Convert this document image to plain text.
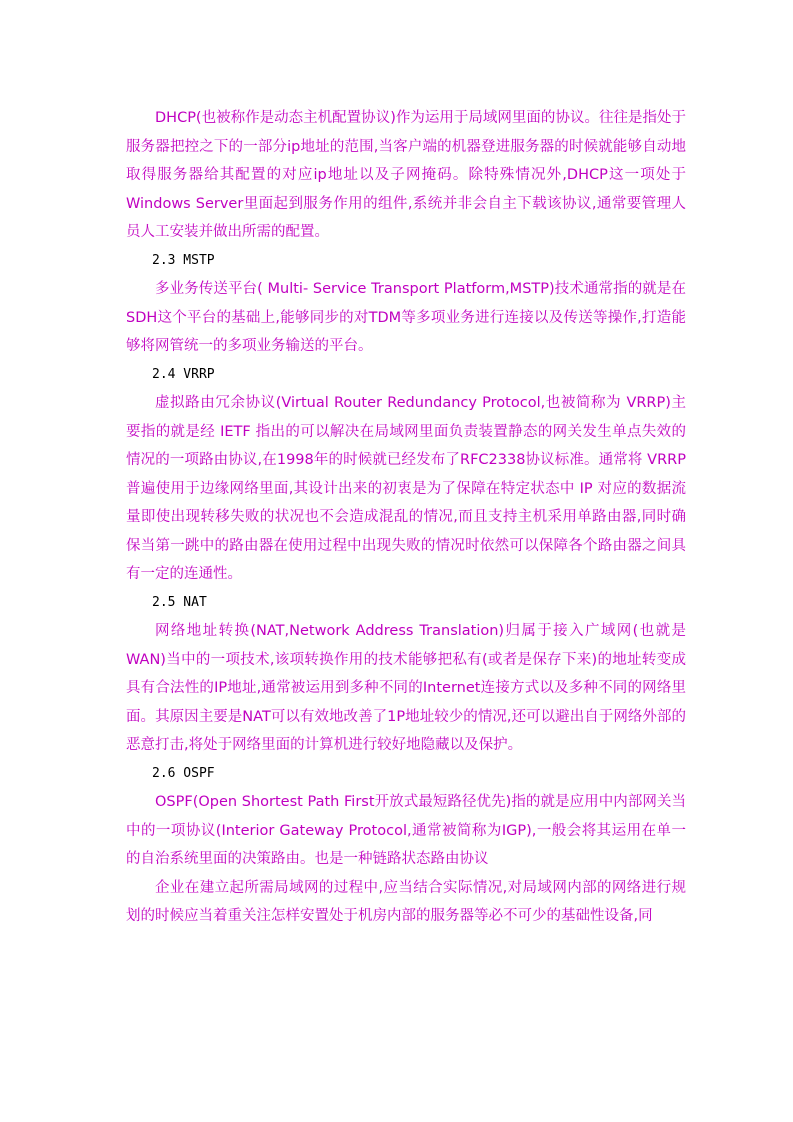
DHCP(也被称作是动态主机配置协议)作为运用于局域网里面的协议。往往是指处于服务器把控之下的一部分ip地址的范围,当客户端的机器登进服务器的时候就能够自动地取得服务器给其配置的对应ip地址以及子网掩码。除特殊情况外,DHCP这一项处于Windows Server里面起到服务作用的组件,系统并非会自主下载该协议,通常要管理人员人工安装并做出所需的配置。

2.3 MSTP

多业务传送平台( Multi- Service Transport Platform,MSTP)技术通常指的就是在SDH这个平台的基础上,能够同步的对TDM等多项业务进行连接以及传送等操作,打造能够将网管统一的多项业务输送的平台。

2.4 VRRP

虚拟路由冗余协议(Virtual Router Redundancy Protocol,也被简称为 VRRP)主要指的就是经 IETF 指出的可以解决在局域网里面负责装置静态的网关发生单点失效的情况的一项路由协议,在1998年的时候就已经发布了RFC2338协议标准。通常将 VRRP 普遍使用于边缘网络里面,其设计出来的初衷是为了保障在特定状态中 IP 对应的数据流量即使出现转移失败的状况也不会造成混乱的情况,而且支持主机采用单路由器,同时确保当第一跳中的路由器在使用过程中出现失败的情况时依然可以保障各个路由器之间具有一定的连通性。

2.5 NAT

网络地址转换(NAT,Network Address Translation)归属于接入广域网(也就是WAN)当中的一项技术,该项转换作用的技术能够把私有(或者是保存下来)的地址转变成具有合法性的IP地址,通常被运用到多种不同的Internet连接方式以及多种不同的网络里面。其原因主要是NAT可以有效地改善了1P地址较少的情况,还可以避出自于网络外部的恶意打击,将处于网络里面的计算机进行较好地隐藏以及保护。

2.6 OSPF

OSPF(Open Shortest Path First开放式最短路径优先)指的就是应用中内部网关当中的一项协议(Interior Gateway Protocol,通常被简称为IGP),一般会将其运用在单一的自治系统里面的决策路由。也是一种链路状态路由协议

企业在建立起所需局域网的过程中,应当结合实际情况,对局域网内部的网络进行规划的时候应当着重关注怎样安置处于机房内部的服务器等必不可少的基础性设备,同
